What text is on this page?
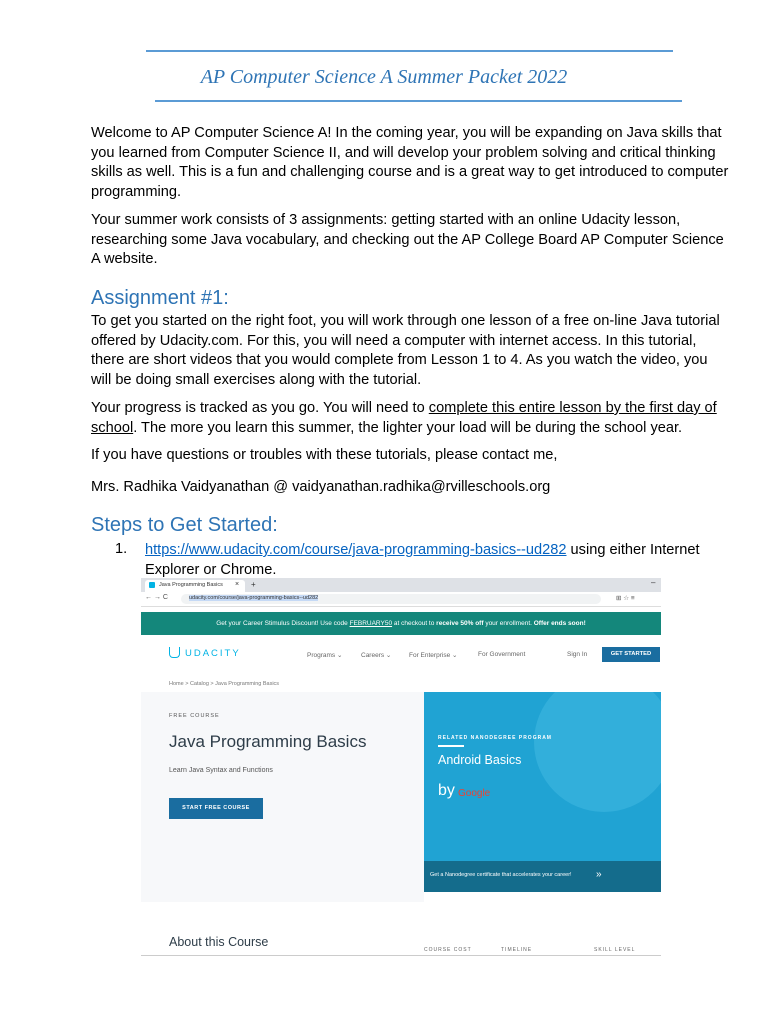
AP Computer Science A Summer Packet 2022

Welcome to AP Computer Science A! In the coming year, you will be expanding on Java skills that you learned from Computer Science II, and will develop your problem solving and critical thinking skills as well. This is a fun and challenging course and is a great way to get introduced to computer programming.

Your summer work consists of 3 assignments: getting started with an online Udacity lesson, researching some Java vocabulary, and checking out the AP College Board AP Computer Science A website.

Assignment #1:

To get you started on the right foot, you will work through one lesson of a free on-line Java tutorial offered by Udacity.com. For this, you will need a computer with internet access. In this tutorial, there are short videos that you would complete from Lesson 1 to 4. As you watch the video, you will be doing small exercises along with the tutorial.

Your progress is tracked as you go. You will need to complete this entire lesson by the first day of school. The more you learn this summer, the lighter your load will be during the school year.

If you have questions or troubles with these tutorials, please contact me,

Mrs. Radhika Vaidyanathan @ vaidyanathan.radhika@rvilleschools.org

Steps to Get Started:
1. https://www.udacity.com/course/java-programming-basics--ud282 using either Internet Explorer or Chrome.

Java Programming Basics × +	–
← → C	udacity.com/course/java-programming-basics--ud282	⊞ ☆ ≡
Get your Career Stimulus Discount! Use code FEBRUARY50 at checkout to receive 50% off your enrollment. Offer ends soon!
UDACITY	Programs ⌄	Careers ⌄	For Enterprise ⌄	For Government	Sign In	GET STARTED
Home > Catalog > Java Programming Basics
FREE COURSE
Java Programming Basics
Learn Java Syntax and Functions
START FREE COURSE
RELATED NANODEGREE PROGRAM
Android Basics
by Google
Get a Nanodegree certificate that accelerates your career! »
About this Course
COURSE COST	TIMELINE	SKILL LEVEL
